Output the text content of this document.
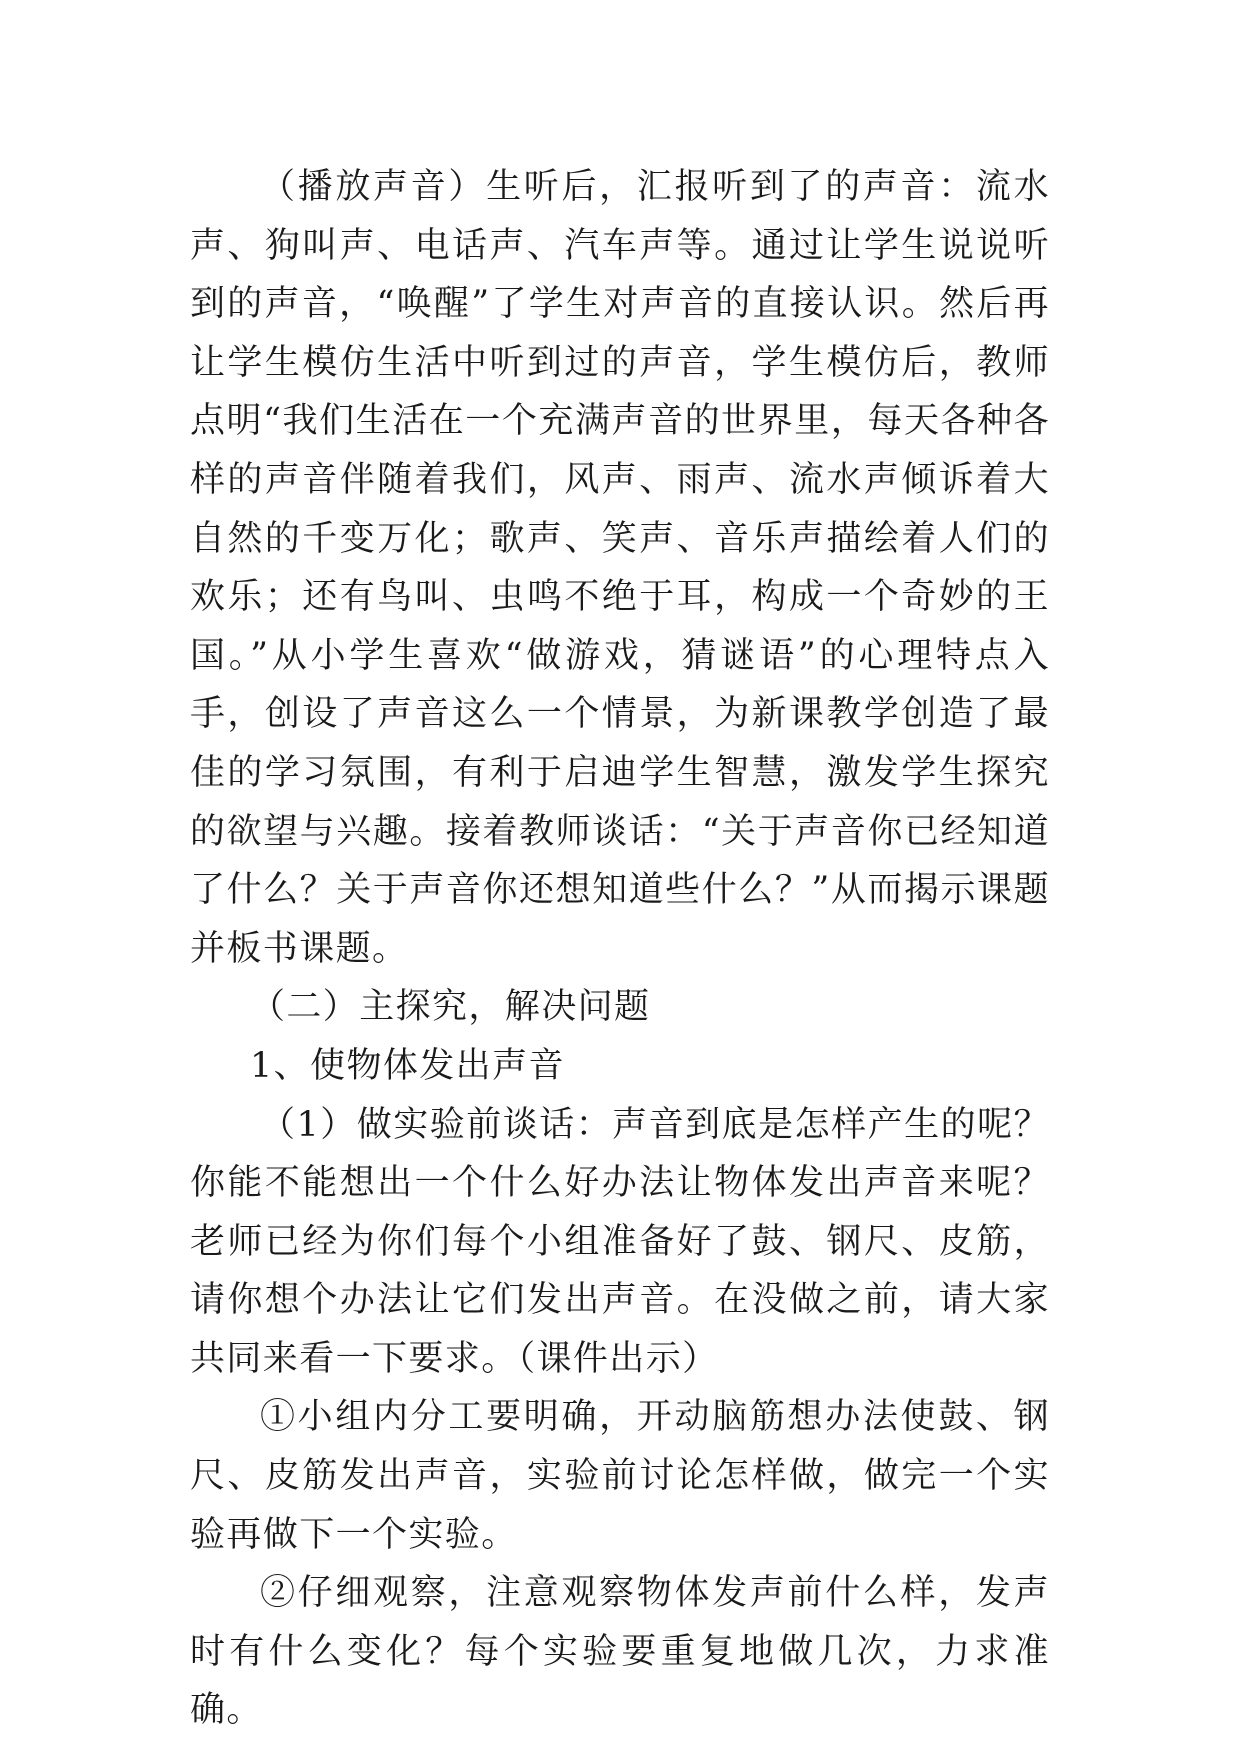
（播放声音）生听后，汇报听到了的声音：流水声、狗叫声、电话声、汽车声等。通过让学生说说听到的声音，“唤醒”了学生对声音的直接认识。然后再让学生模仿生活中听到过的声音，学生模仿后，教师点明“我们生活在一个充满声音的世界里，每天各种各样的声音伴随着我们，风声、雨声、流水声倾诉着大自然的千变万化；歌声、笑声、音乐声描绘着人们的欢乐；还有鸟叫、虫鸣不绝于耳，构成一个奇妙的王国。”从小学生喜欢“做游戏，猜谜语”的心理特点入手，创设了声音这么一个情景，为新课教学创造了最佳的学习氛围，有利于启迪学生智慧，激发学生探究的欲望与兴趣。接着教师谈话：“关于声音你已经知道了什么？关于声音你还想知道些什么？”从而揭示课题并板书课题。

（二）主探究，解决问题

1、使物体发出声音

（1）做实验前谈话：声音到底是怎样产生的呢？你能不能想出一个什么好办法让物体发出声音来呢？老师已经为你们每个小组准备好了鼓、钢尺、皮筋，请你想个办法让它们发出声音。在没做之前，请大家共同来看一下要求。（课件出示）

①小组内分工要明确，开动脑筋想办法使鼓、钢尺、皮筋发出声音，实验前讨论怎样做，做完一个实验再做下一个实验。

②仔细观察，注意观察物体发声前什么样，发声时有什么变化？每个实验要重复地做几次，力求准确。
